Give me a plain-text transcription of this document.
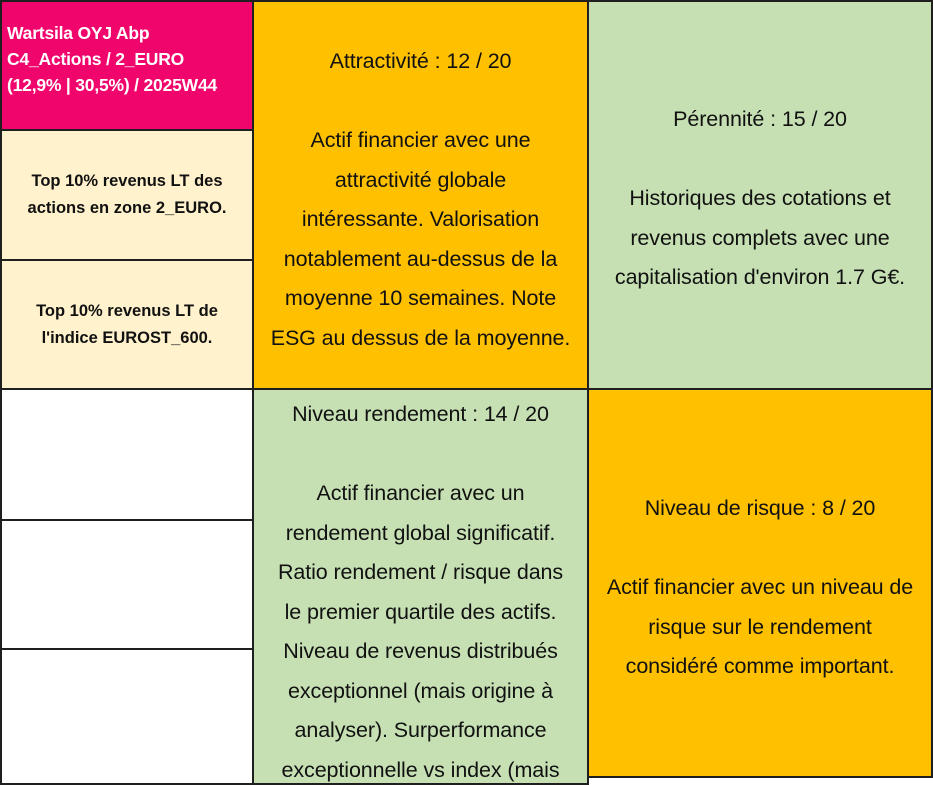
Wartsila OYJ Abp
C4_Actions / 2_EURO
(12,9% | 30,5%) / 2025W44
Top 10% revenus LT des actions en zone 2_EURO.
Top 10% revenus LT de l'indice EUROST_600.
Attractivité : 12 / 20
Actif financier avec une
attractivité globale
intéressante. Valorisation
notablement au-dessus de la
moyenne 10 semaines. Note
ESG au dessus de la moyenne.
Pérennité : 15 / 20
Historiques des cotations et
revenus complets avec une
capitalisation d'environ 1.7 G€.
Niveau rendement : 14 / 20
Actif financier avec un
rendement global significatif.
Ratio rendement / risque dans
le premier quartile des actifs.
Niveau de revenus distribués
exceptionnel (mais origine à
analyser). Surperformance
exceptionnelle vs index (mais
Niveau de risque : 8 / 20
Actif financier avec un niveau de
risque sur le rendement
considéré comme important.
